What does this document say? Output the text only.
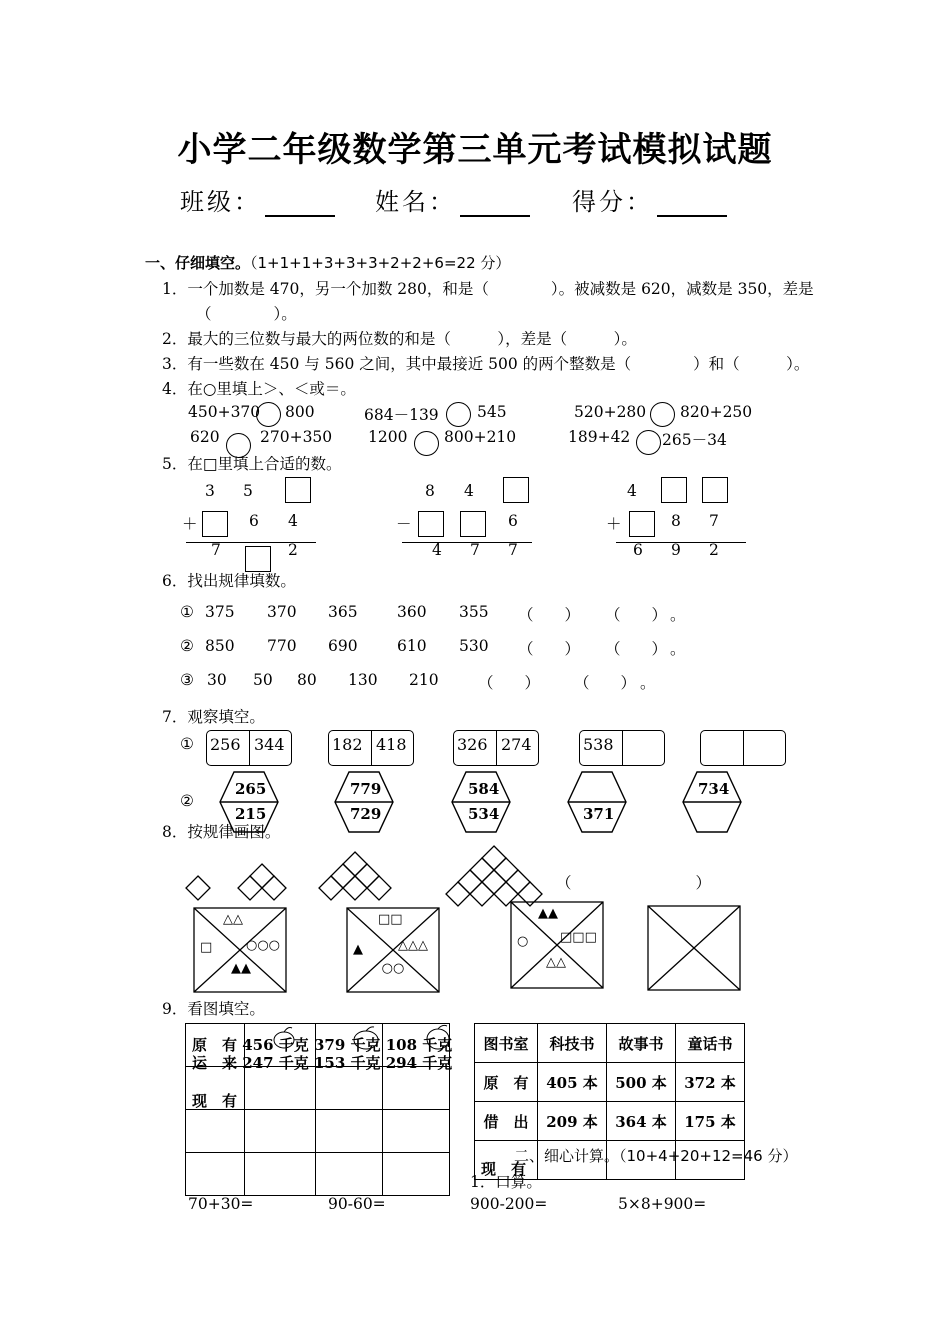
小学二年级数学第三单元考试模拟试题
班级：	姓名：	得分：
一、仔细填空。（1+1+1+3+3+3+2+2+6=22 分）
1．一个加数是 470，另一个加数 280，和是（　　　　）。被减数是 620，减数是 350，差是
（　　　　）。
2．最大的三位数与最大的两位数的和是（　　　），差是（　　　）。
3．有一些数在 450 与 560 之间，其中最接近 500 的两个整数是（　　　　）和（　　　）。
4．在○里填上＞、＜或＝。
450+370 800	684－139 545	520+280 820+250
620	270+350 1200 800+210	189+42 265－34
5．在□里填上合适的数。
3 5
＋	6 4
7	2
8 4
－	6
4 7 7
4
＋	8 7
6 9 2
6．找出规律填数。
① 375 370 365	360 355 （　　） （　　） 。
② 850 770 690	610 530 （　　） （　　） 。
③ 30 50 80 130 210	（　　） （　　） 。
7．观察填空。
①
②
256 344	182 418	326 274	538
265
215
779
729
584
534	371
734
8．按规律画图。
（　　　　　　　　）
△△
□	○○○
▲▲
□□
▲	△△△
○○
▲▲
○ □□□
△△
9．看图填空。

原　有 456 千克 379 千克 108 千克
运　来 247 千克 153 千克 294 千克
现　有
图书室	科技书	故事书	童话书
原　有	405 本	500 本	372 本
借　出	209 本	364 本	175 本
现　有			
二、细心计算。（10+4+20+12=46 分）
1．口算。
70+30=	90-60=	900-200=	5×8+900=
